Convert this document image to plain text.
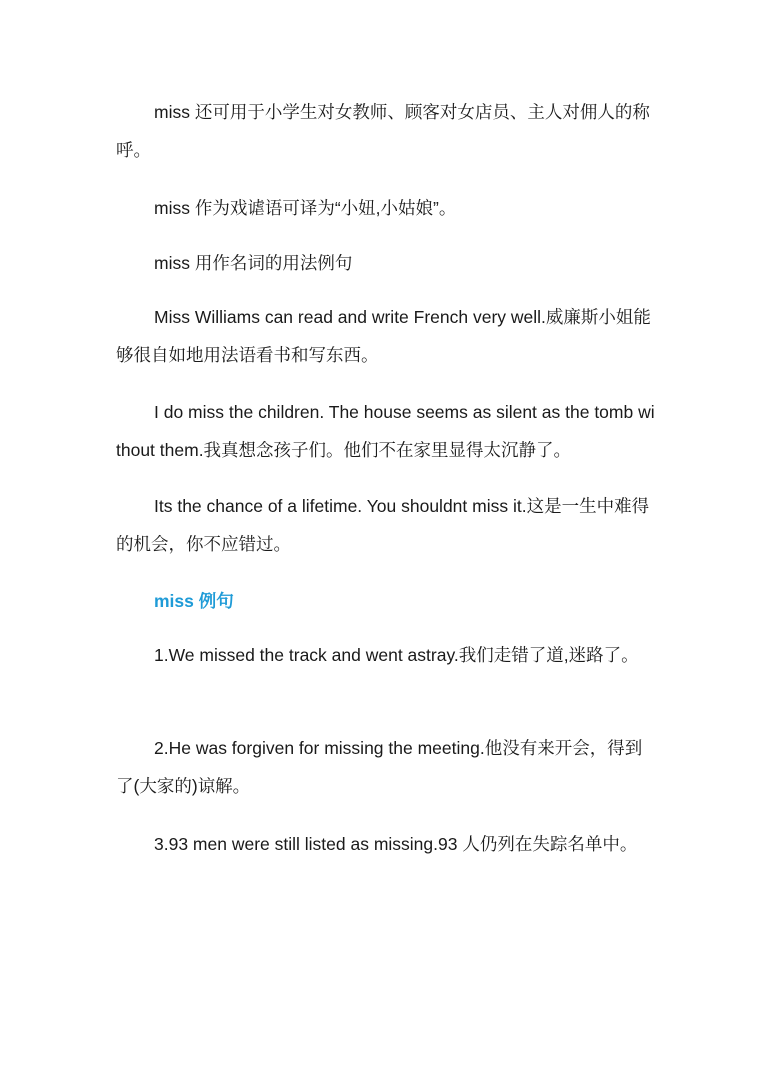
miss 还可用于小学生对女教师、顾客对女店员、主人对佣人的称呼。

miss 作为戏谑语可译为“小妞,小姑娘”。

miss 用作名词的用法例句

Miss Williams can read and write French very well.威廉斯小姐能够很自如地用法语看书和写东西。

I do miss the children. The house seems as silent as the tomb without them.我真想念孩子们。他们不在家里显得太沉静了。

Its the chance of a lifetime. You shouldnt miss it.这是一生中难得的机会，你不应错过。

miss 例句

1.We missed the track and went astray.我们走错了道,迷路了。

2.He was forgiven for missing the meeting.他没有来开会，得到了(大家的)谅解。

3.93 men were still listed as missing.93 人仍列在失踪名单中。
